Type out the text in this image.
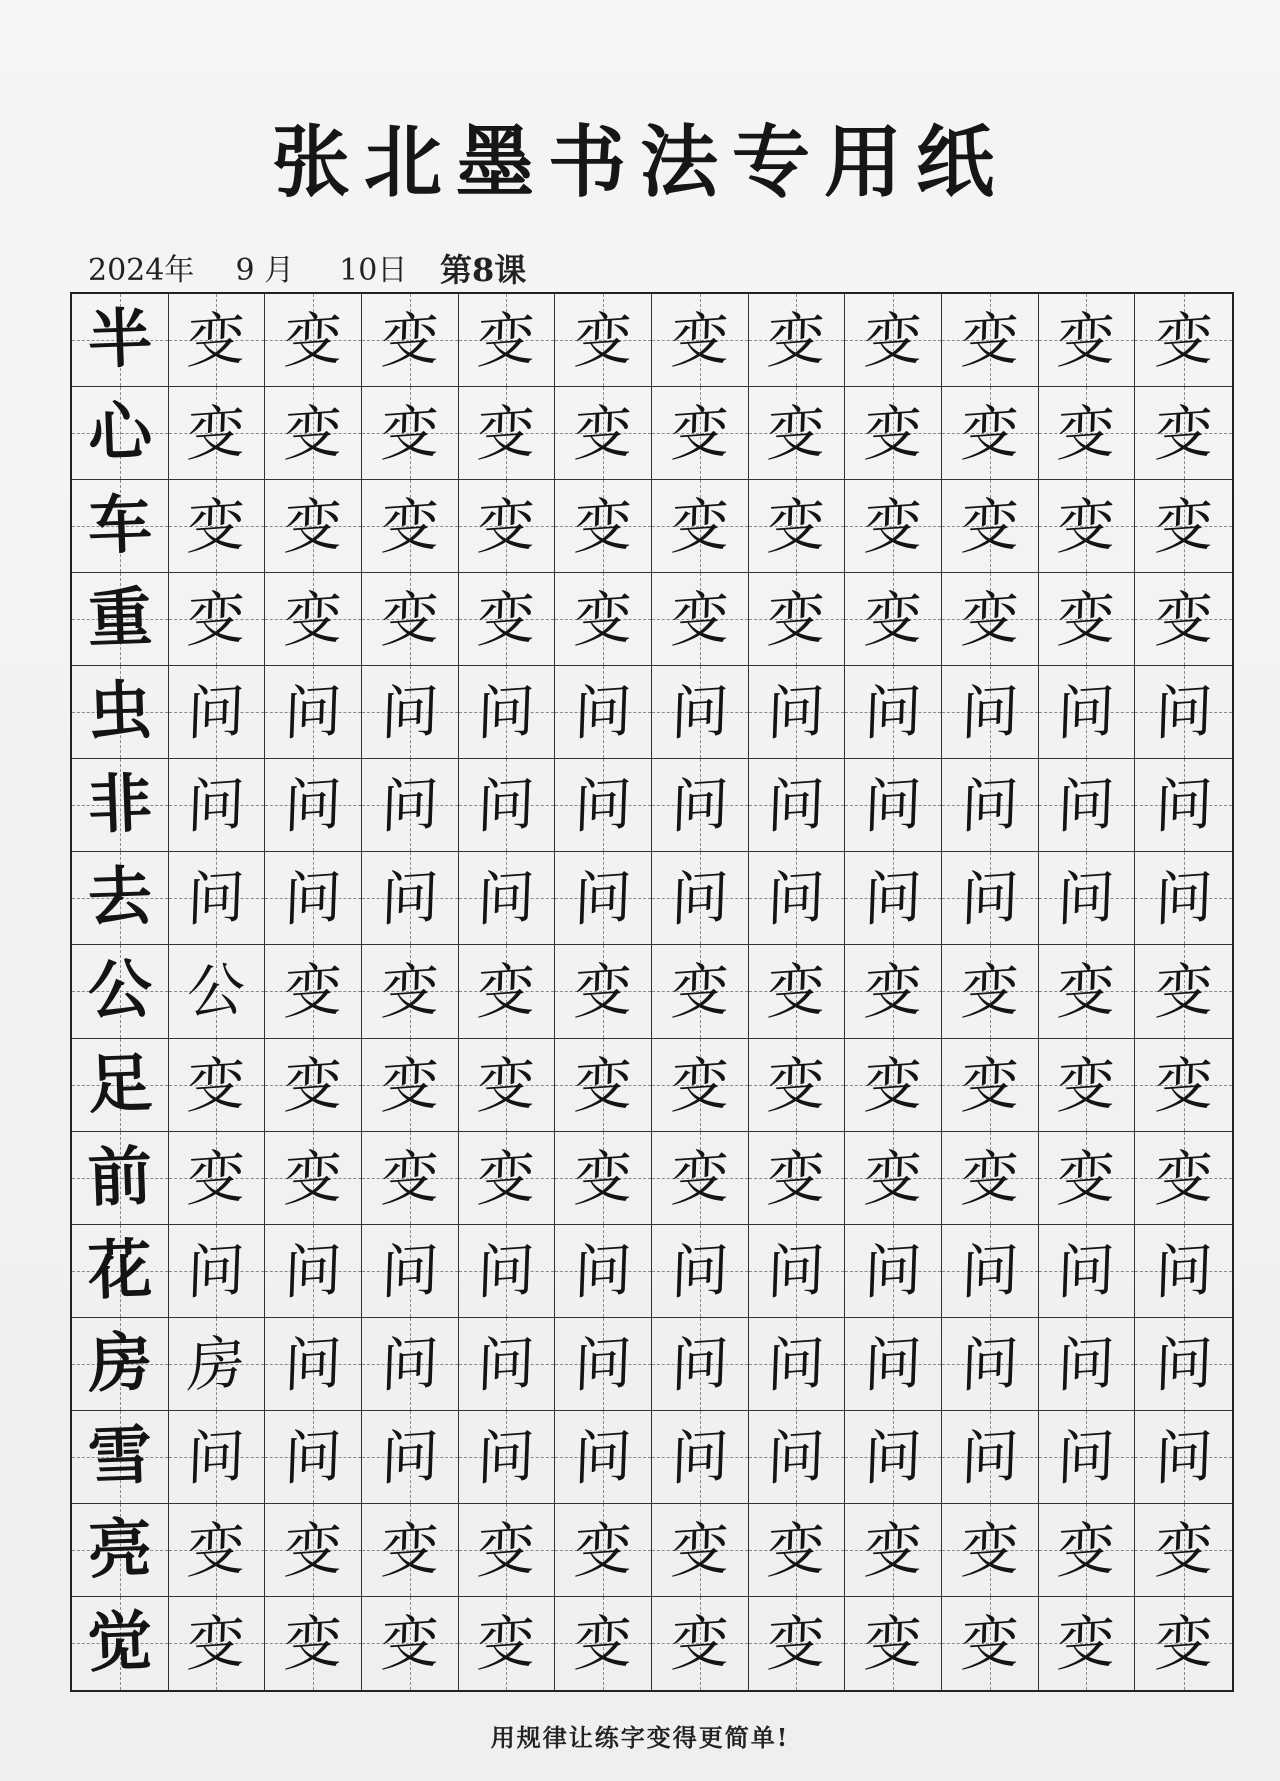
张北墨书法专用纸
2024年 9 月 10日 第8课
半 变 变 变 变 变 变 变 变 变 变 变
心 变 变 变 变 变 变 变 变 变 变 变
车 变 变 变 变 变 变 变 变 变 变 变
重 变 变 变 变 变 变 变 变 变 变 变
虫 问 问 问 问 问 问 问 问 问 问 问
非 问 问 问 问 问 问 问 问 问 问 问
去 问 问 问 问 问 问 问 问 问 问 问
公 公 变 变 变 变 变 变 变 变 变 变
足 变 变 变 变 变 变 变 变 变 变 变
前 变 变 变 变 变 变 变 变 变 变 变
花 问 问 问 问 问 问 问 问 问 问 问
房 房 问 问 问 问 问 问 问 问 问 问
雪 问 问 问 问 问 问 问 问 问 问 问
亮 变 变 变 变 变 变 变 变 变 变 变
觉 变 变 变 变 变 变 变 变 变 变 变
用规律让练字变得更简单!
